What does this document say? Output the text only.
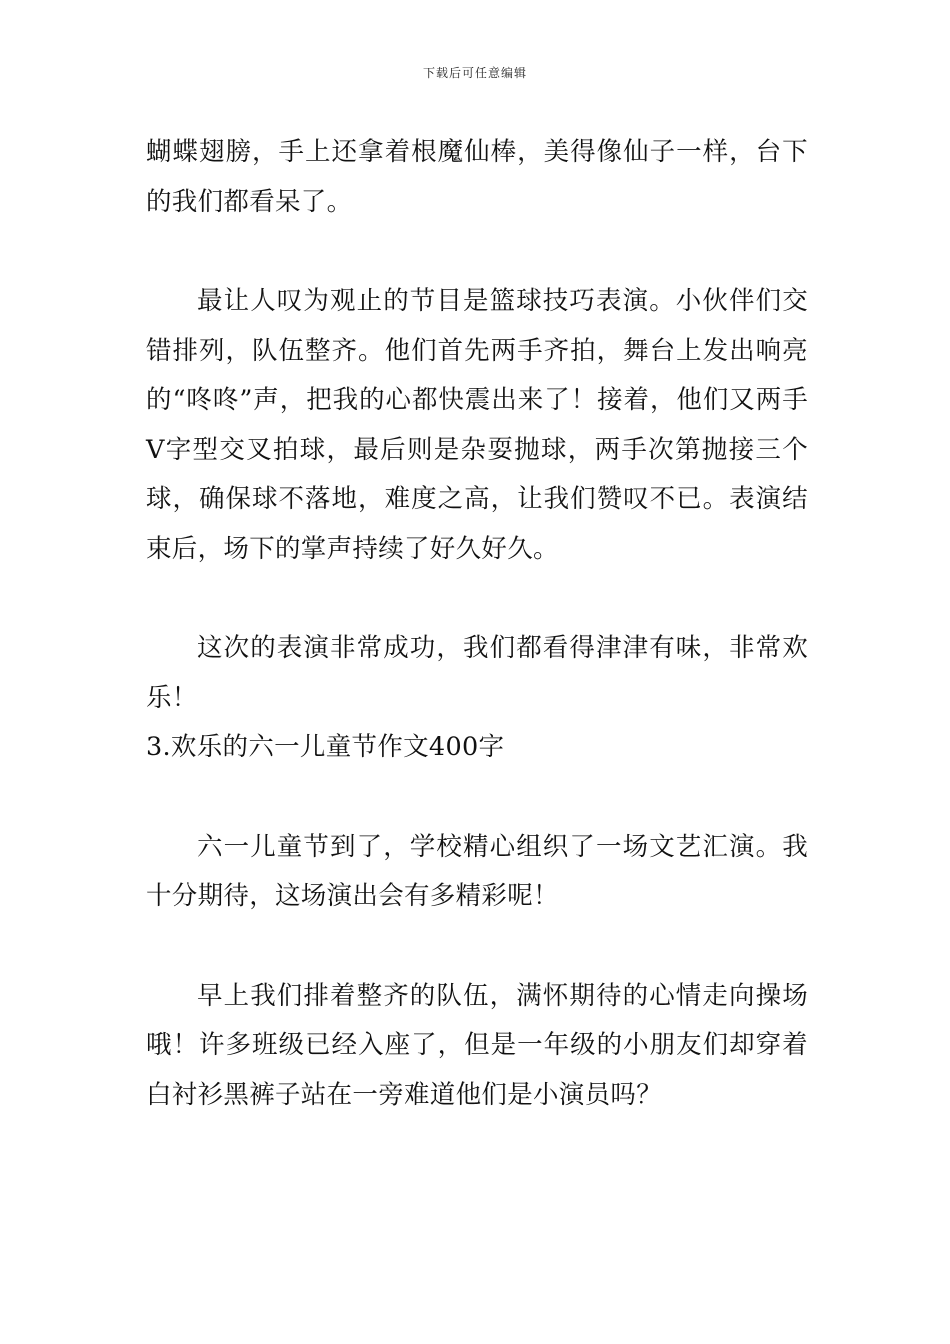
下载后可任意编辑

蝴蝶翅膀，手上还拿着根魔仙棒，美得像仙子一样，台下的我们都看呆了。

最让人叹为观止的节目是篮球技巧表演。小伙伴们交错排列，队伍整齐。他们首先两手齐拍，舞台上发出响亮的“咚咚”声，把我的心都快震出来了！接着，他们又两手V字型交叉拍球，最后则是杂耍抛球，两手次第抛接三个球，确保球不落地，难度之高，让我们赞叹不已。表演结束后，场下的掌声持续了好久好久。

这次的表演非常成功，我们都看得津津有味，非常欢乐！

3.欢乐的六一儿童节作文400字

六一儿童节到了，学校精心组织了一场文艺汇演。我十分期待，这场演出会有多精彩呢！

早上我们排着整齐的队伍，满怀期待的心情走向操场哦！许多班级已经入座了，但是一年级的小朋友们却穿着白衬衫黑裤子站在一旁难道他们是小演员吗？
